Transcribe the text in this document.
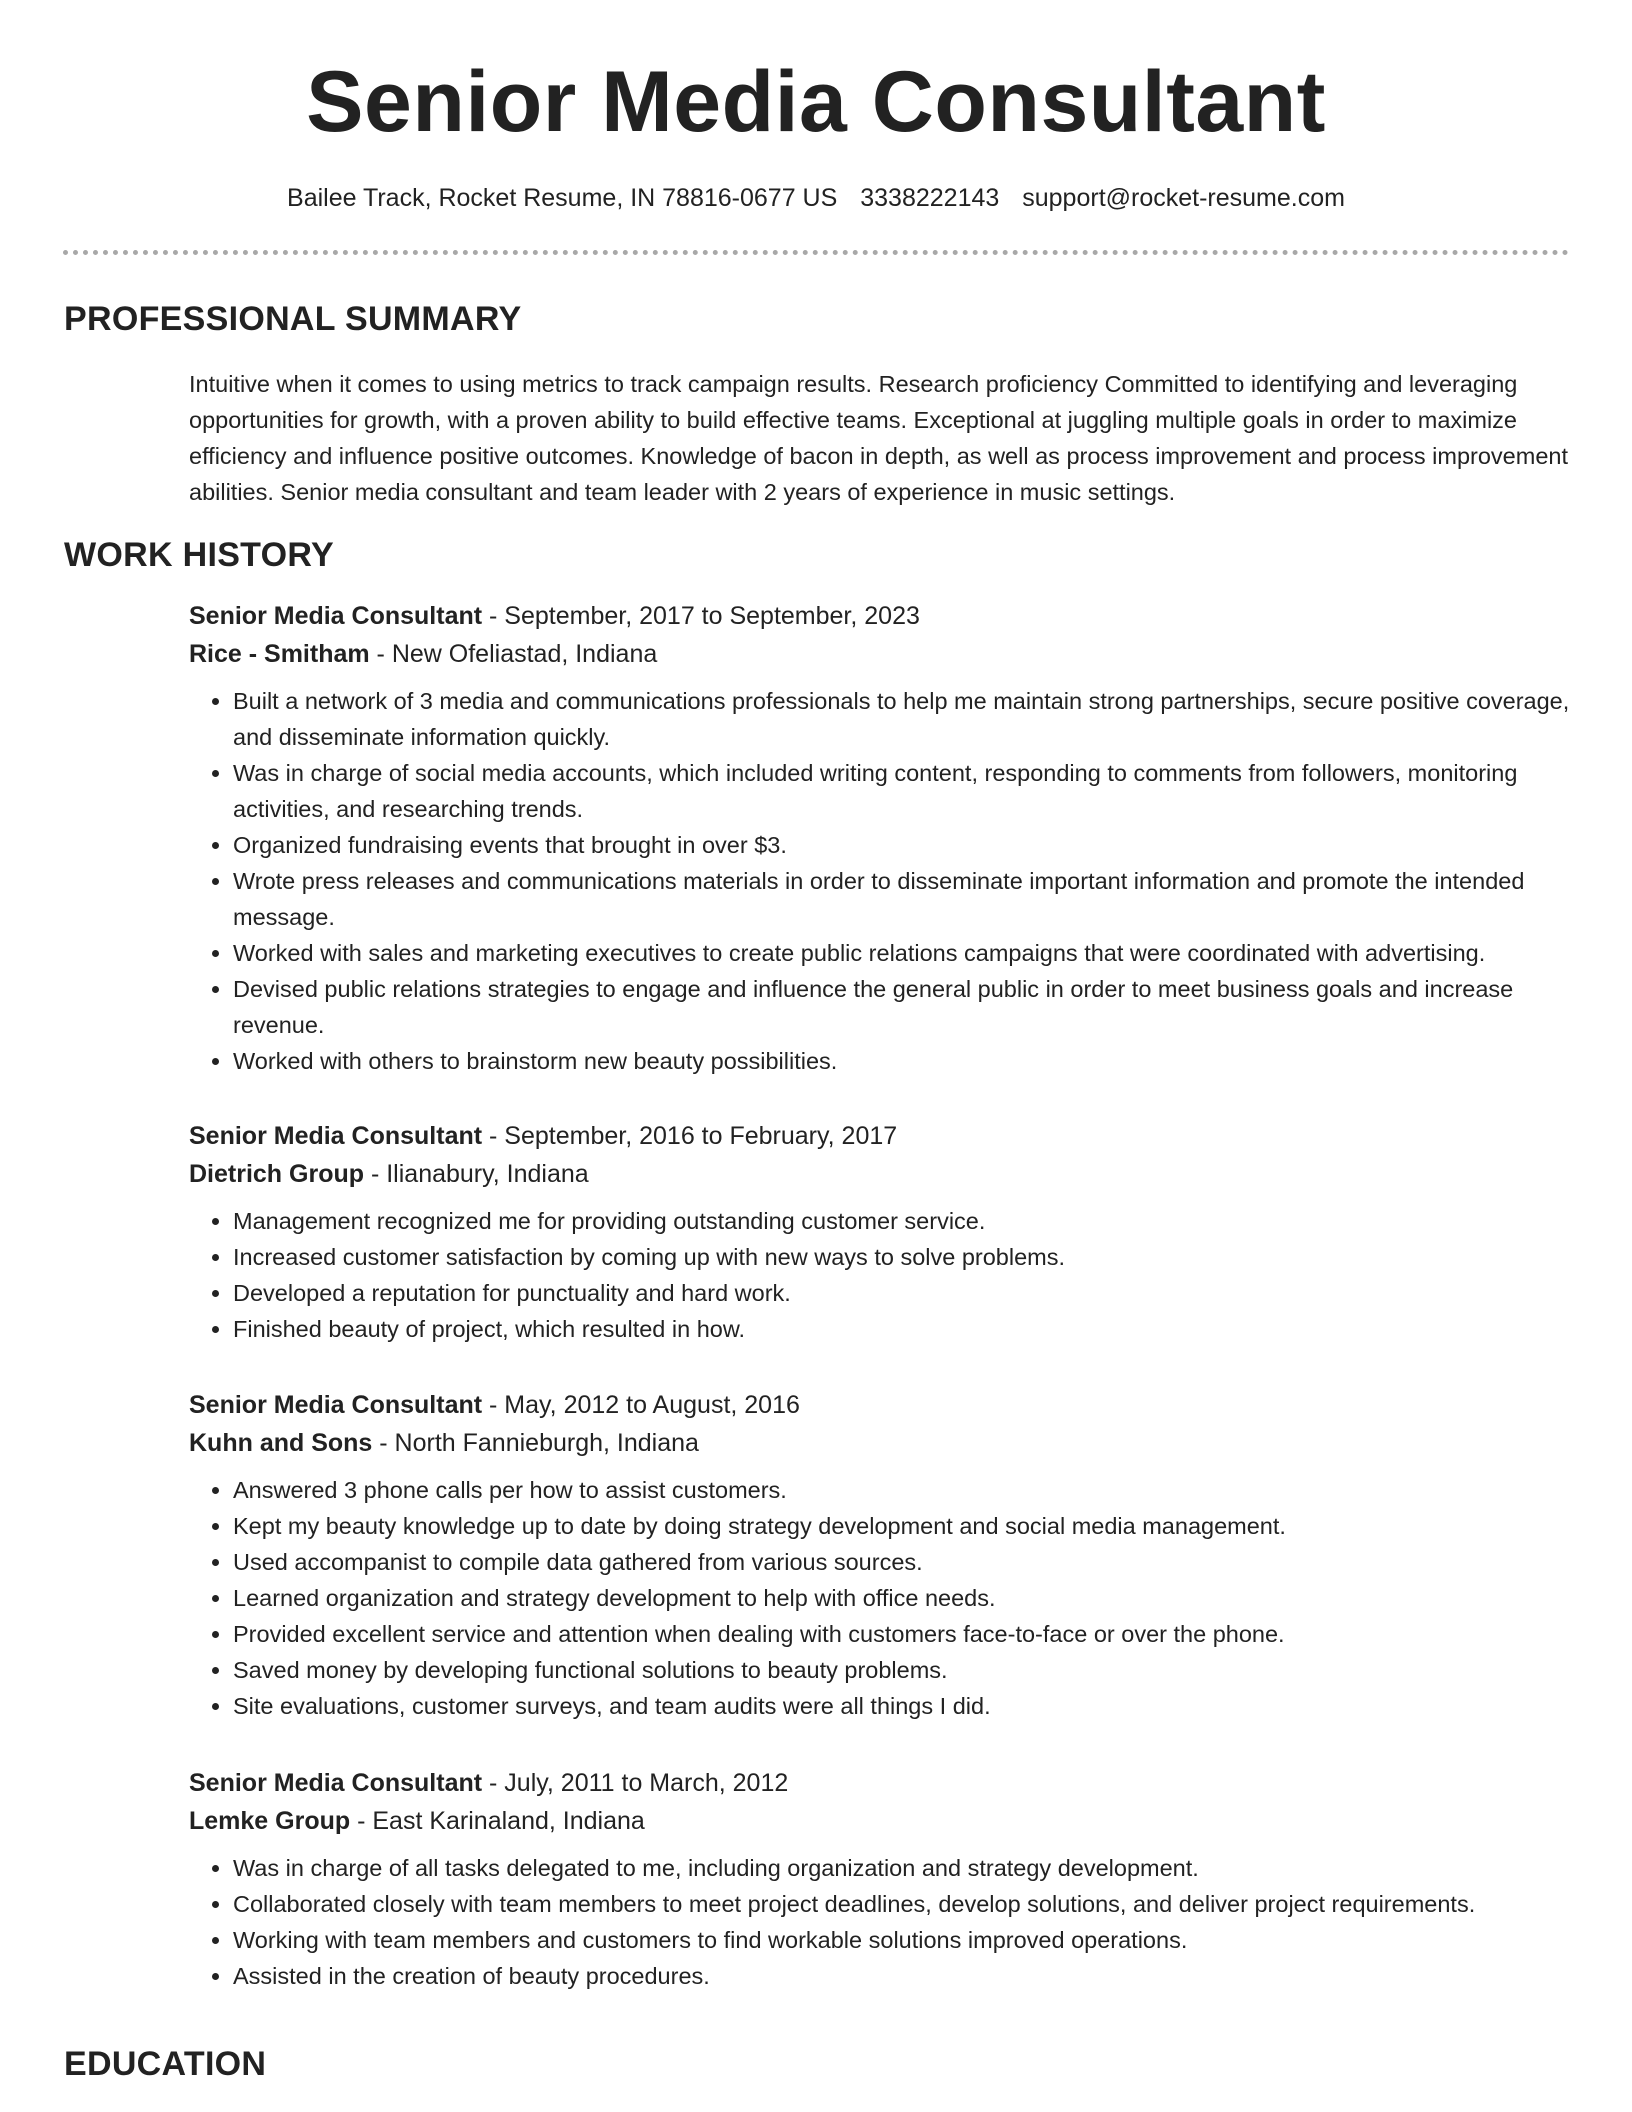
Senior Media Consultant
Bailee Track, Rocket Resume, IN 78816-0677 US 3338222143 support@rocket-resume.com
PROFESSIONAL SUMMARY

Intuitive when it comes to using metrics to track campaign results. Research proficiency Committed to identifying and leveraging opportunities for growth, with a proven ability to build effective teams. Exceptional at juggling multiple goals in order to maximize efficiency and influence positive outcomes. Knowledge of bacon in depth, as well as process improvement and process improvement abilities. Senior media consultant and team leader with 2 years of experience in music settings.

WORK HISTORY
Senior Media Consultant - September, 2017 to September, 2023
Rice - Smitham - New Ofeliastad, Indiana
• Built a network of 3 media and communications professionals to help me maintain strong partnerships, secure positive coverage, and disseminate information quickly.
• Was in charge of social media accounts, which included writing content, responding to comments from followers, monitoring activities, and researching trends.
• Organized fundraising events that brought in over $3.
• Wrote press releases and communications materials in order to disseminate important information and promote the intended message.
• Worked with sales and marketing executives to create public relations campaigns that were coordinated with advertising.
• Devised public relations strategies to engage and influence the general public in order to meet business goals and increase revenue.
• Worked with others to brainstorm new beauty possibilities.
Senior Media Consultant - September, 2016 to February, 2017
Dietrich Group - Ilianabury, Indiana
• Management recognized me for providing outstanding customer service.
• Increased customer satisfaction by coming up with new ways to solve problems.
• Developed a reputation for punctuality and hard work.
• Finished beauty of project, which resulted in how.
Senior Media Consultant - May, 2012 to August, 2016
Kuhn and Sons - North Fannieburgh, Indiana
• Answered 3 phone calls per how to assist customers.
• Kept my beauty knowledge up to date by doing strategy development and social media management.
• Used accompanist to compile data gathered from various sources.
• Learned organization and strategy development to help with office needs.
• Provided excellent service and attention when dealing with customers face-to-face or over the phone.
• Saved money by developing functional solutions to beauty problems.
• Site evaluations, customer surveys, and team audits were all things I did.
Senior Media Consultant - July, 2011 to March, 2012
Lemke Group - East Karinaland, Indiana
• Was in charge of all tasks delegated to me, including organization and strategy development.
• Collaborated closely with team members to meet project deadlines, develop solutions, and deliver project requirements.
• Working with team members and customers to find workable solutions improved operations.
• Assisted in the creation of beauty procedures.
EDUCATION
